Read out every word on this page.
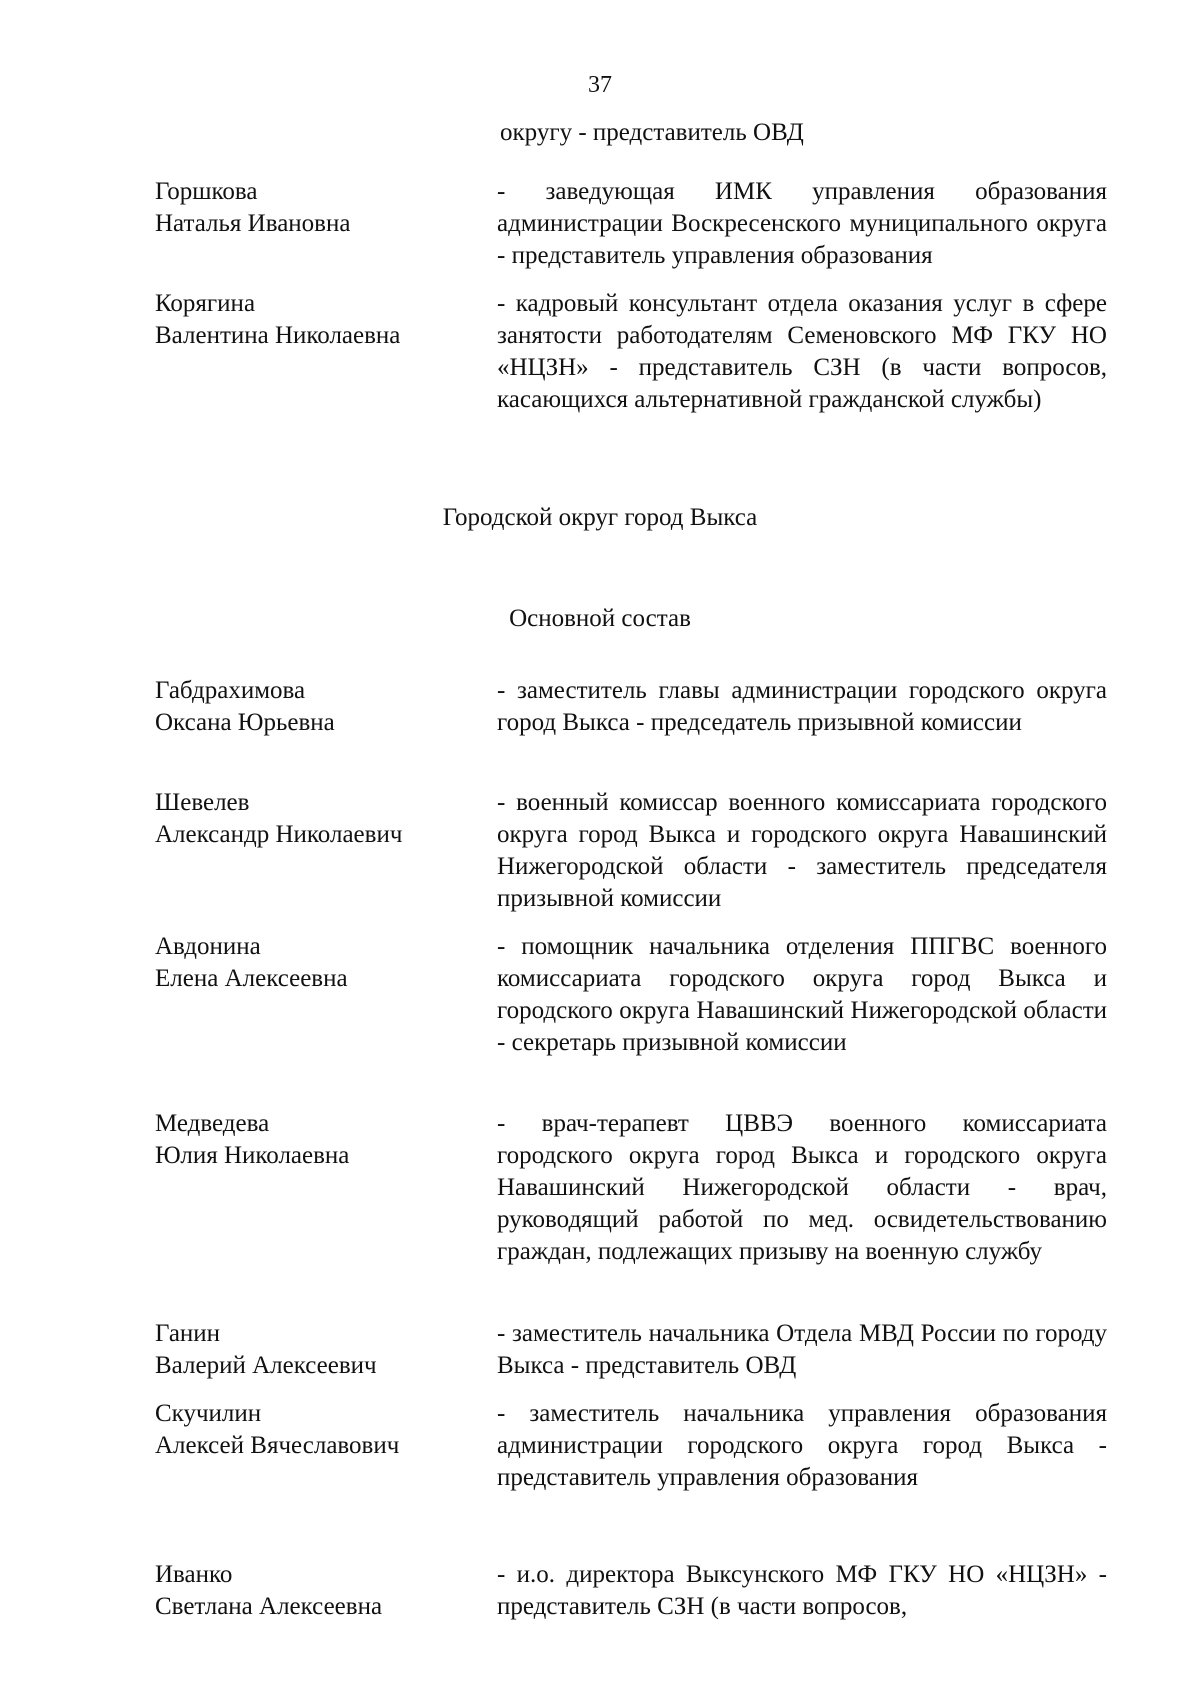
37
округу - представитель ОВД
Горшкова
Наталья Ивановна
- заведующая ИМК управления образования администрации Воскресенского муниципального округа - представитель управления образования
Корягина
Валентина Николаевна
- кадровый консультант отдела оказания услуг в сфере занятости работодателям Семеновского МФ ГКУ НО «НЦЗН» - представитель СЗН (в части вопросов, касающихся альтернативной гражданской службы)
Городской округ город Выкса
Основной состав
Габдрахимова
Оксана Юрьевна
- заместитель главы администрации городского округа город Выкса - председатель призывной комиссии
Шевелев
Александр Николаевич
- военный комиссар военного комиссариата городского округа город Выкса и городского округа Навашинский Нижегородской области - заместитель председателя призывной комиссии
Авдонина
Елена Алексеевна
- помощник начальника отделения ППГВС военного комиссариата городского округа город Выкса и городского округа Навашинский Нижегородской области - секретарь призывной комиссии
Медведева
Юлия Николаевна
- врач-терапевт ЦВВЭ военного комиссариата городского округа город Выкса и городского округа Навашинский Нижегородской области - врач, руководящий работой по мед. освидетельствованию граждан, подлежащих призыву на военную службу
Ганин
Валерий Алексеевич
- заместитель начальника Отдела МВД России по городу Выкса - представитель ОВД
Скучилин
Алексей Вячеславович
- заместитель начальника управления образования администрации городского округа город Выкса - представитель управления образования
Иванко
Светлана Алексеевна
- и.о. директора Выксунского МФ ГКУ НО «НЦЗН» - представитель СЗН (в части вопросов,
